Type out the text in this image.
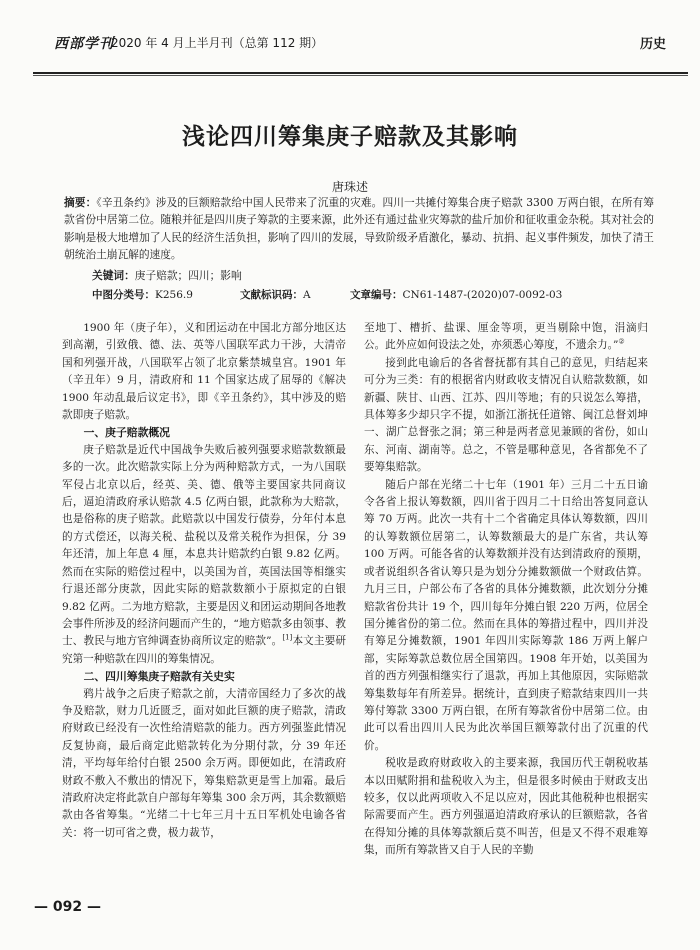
西部学刊
2020 年 4 月上半月刊（总第 112 期）	历史
浅论四川筹集庚子赔款及其影响
唐珠述
摘要：《辛丑条约》涉及的巨额赔款给中国人民带来了沉重的灾难。四川一共摊付筹集合庚子赔款 3300 万两白银，在所有筹款省份中居第二位。随粮并征是四川庚子筹款的主要来源，此外还有通过盐业灾筹款的盐斤加价和征收重金杂税。其对社会的影响是极大地增加了人民的经济生活负担，影响了四川的发展，导致阶级矛盾激化，暴动、抗捐、起义事件频发，加快了清王朝统治土崩瓦解的速度。
关键词：庚子赔款；四川；影响
中图分类号：K256.9	文献标识码：A	文章编号：CN61-1487-(2020)07-0092-03

1900 年（庚子年），义和团运动在中国北方部分地区达到高潮，引致俄、德、法、英等八国联军武力干涉，大清帝国和列强开战，八国联军占领了北京紫禁城皇宫。1901 年（辛丑年）9 月，清政府和 11 个国家达成了屈辱的《解决 1900 年动乱最后议定书》，即《辛丑条约》，其中涉及的赔款即庚子赔款。

一、庚子赔款概况

庚子赔款是近代中国战争失败后被列强要求赔款数额最多的一次。此次赔款实际上分为两种赔款方式，一为八国联军侵占北京以后，经英、美、德、俄等主要国家共同商议后，逼迫清政府承认赔款 4.5 亿两白银，此款称为大赔款，也是俗称的庚子赔款。此赔款以中国发行债券，分年付本息的方式偿还，以海关税、盐税以及常关税作为担保，分 39 年还清，加上年息 4 厘，本息共计赔款约白银 9.82 亿两。然而在实际的赔偿过程中，以美国为首，英国法国等相继实行退还部分庚款，因此实际的赔款数额小于原拟定的白银 9.82 亿两。二为地方赔款，主要是因义和团运动期间各地教会事件所涉及的经济问题而产生的，“地方赔款多由领事、教士、教民与地方官绅调查协商所议定的赔款”。[1]本文主要研究第一种赔款在四川的筹集情况。

二、四川筹集庚子赔款有关史实

鸦片战争之后庚子赔款之前，大清帝国经力了多次的战争及赔款，财力几近匮乏，面对如此巨额的庚子赔款，清政府财政已经没有一次性给清赔款的能力。西方列强鉴此情况反复协商，最后商定此赔款转化为分期付款，分 39 年还清，平均每年给付白银 2500 余万两。即便如此，在清政府财政不敷入不敷出的情况下，筹集赔款更是雪上加霜。最后清政府决定将此款自户部每年筹集 300 余万两，其余数额赔款由各省筹集。“光绪二十七年三月十五日军机处电谕各省关：将一切可省之费，极力裁节，

至地丁、槽折、盐课、厘金等项，更当剔除中饱，涓滴归公。此外应如何设法之处，亦须悉心筹度，不遗余力。”②

接到此电谕后的各省督抚都有其自己的意见，归结起来可分为三类：有的根据省内财政收支情况自认赔款数额，如新疆、陕甘、山西、江苏、四川等地；有的只说怎么筹措，具体筹多少却只字不提，如浙江浙抚任道镕、闽江总督刘坤一、湖广总督张之洞；第三种是两者意见兼顾的省份，如山东、河南、湖南等。总之，不管是哪种意见，各省都免不了要筹集赔款。

随后户部在光绪二十七年（1901 年）三月二十五日谕令各省上报认筹数额，四川省于四月二十日给出答复同意认筹 70 万两。此次一共有十二个省确定具体认筹数额，四川的认筹数额位居第二，认筹数额最大的是广东省，共认筹 100 万两。可能各省的认筹数额并没有达到清政府的预期，或者说组织各省认筹只是为划分分摊数额做一个财政估算。九月三日，户部公布了各省的具体分摊数额，此次划分分摊赔款省份共计 19 个，四川每年分摊白银 220 万两，位居全国分摊省份的第二位。然而在具体的筹措过程中，四川并没有筹足分摊数额，1901 年四川实际筹款 186 万两上解户部，实际筹款总数位居全国第四。1908 年开始，以美国为首的西方列强相继实行了退款，再加上其他原因，实际赔款筹集数每年有所差异。据统计，直到庚子赔款结束四川一共筹付筹款 3300 万两白银，在所有筹款省份中居第二位。由此可以看出四川人民为此次举国巨额筹款付出了沉重的代价。

税收是政府财政收入的主要来源，我国历代王朝税收基本以田赋附捐和盐税收入为主，但是很多时候由于财政支出较多，仅以此两项收入不足以应对，因此其他税种也根据实际需要而产生。西方列强逼迫清政府承认的巨额赔款，各省在得知分摊的具体筹款额后莫不叫苦，但是又不得不艰难筹集，而所有筹款皆又自于人民的辛勤

— 092 —
